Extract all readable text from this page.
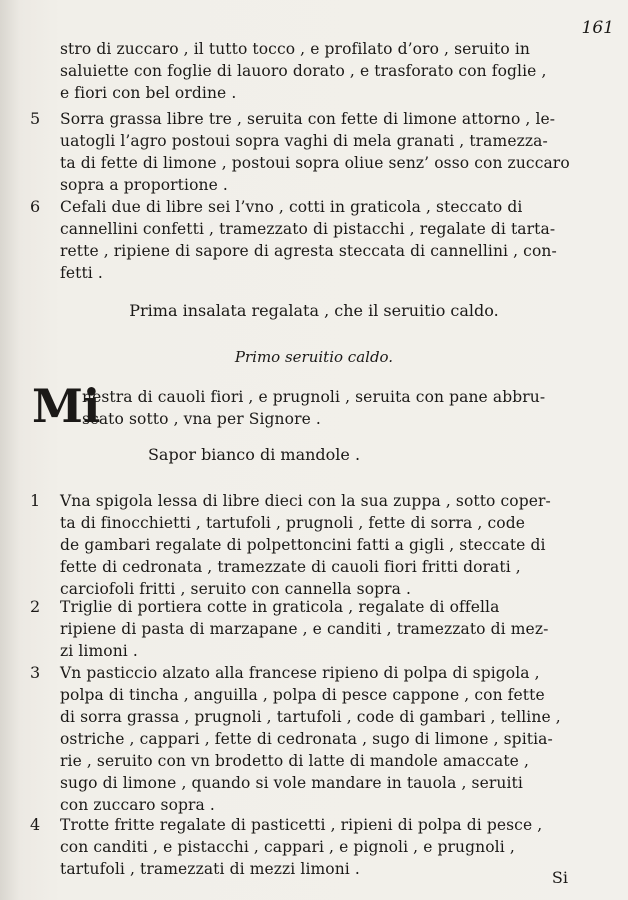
161
stro di zuccaro , il tutto tocco , e profilato d’oro , seruito in
saluiette con foglie di lauoro dorato , e trasforato con foglie ,
e fiori con bel ordine .
Sorra grassa libre tre , seruita con fette di limone attorno , le-
uatogli l’agro postoui sopra vaghi di mela granati , tramezza-
ta di fette di limone , postoui sopra oliue senz’ osso con zuccaro
sopra a proportione .
Cefali due di libre sei l’vno , cotti in graticola , steccato di
cannellini confetti , tramezzato di pistacchi , regalate di tarta-
rette , ripiene di sapore di agresta steccata di cannellini , con-
fetti .
nestra di cauoli fiori , e prugnoli , seruita con pane abbru-
scato sotto , vna per Signore .
Vna spigola lessa di libre dieci con la sua zuppa , sotto coper-
ta di finocchietti , tartufoli , prugnoli , fette di sorra , code
de gambari regalate di polpettoncini fatti a gigli , steccate di
fette di cedronata , tramezzate di cauoli fiori fritti dorati ,
carciofoli fritti , seruito con cannella sopra .
Triglie di portiera cotte in graticola , regalate di offella
ripiene di pasta di marzapane , e canditi , tramezzato di mez-
zi limoni .
Vn pasticcio alzato alla francese ripieno di polpa di spigola ,
polpa di tincha , anguilla , polpa di pesce cappone , con fette
di sorra grassa , prugnoli , tartufoli , code di gambari , telline ,
ostriche , cappari , fette di cedronata , sugo di limone , spitia-
rie , seruito con vn brodetto di latte di mandole amaccate ,
sugo di limone , quando si vole mandare in tauola , seruiti
con zuccaro sopra .
Trotte fritte regalate di pasticetti , ripieni di polpa di pesce ,
con canditi , e pistacchi , cappari , e pignoli , e prugnoli ,
tartufoli , tramezzati di mezzi limoni .
5
6
1
2
3
4
Prima insalata regalata , che il seruitio caldo.
Primo seruitio caldo.
Mi
Sapor bianco di mandole .
Si
